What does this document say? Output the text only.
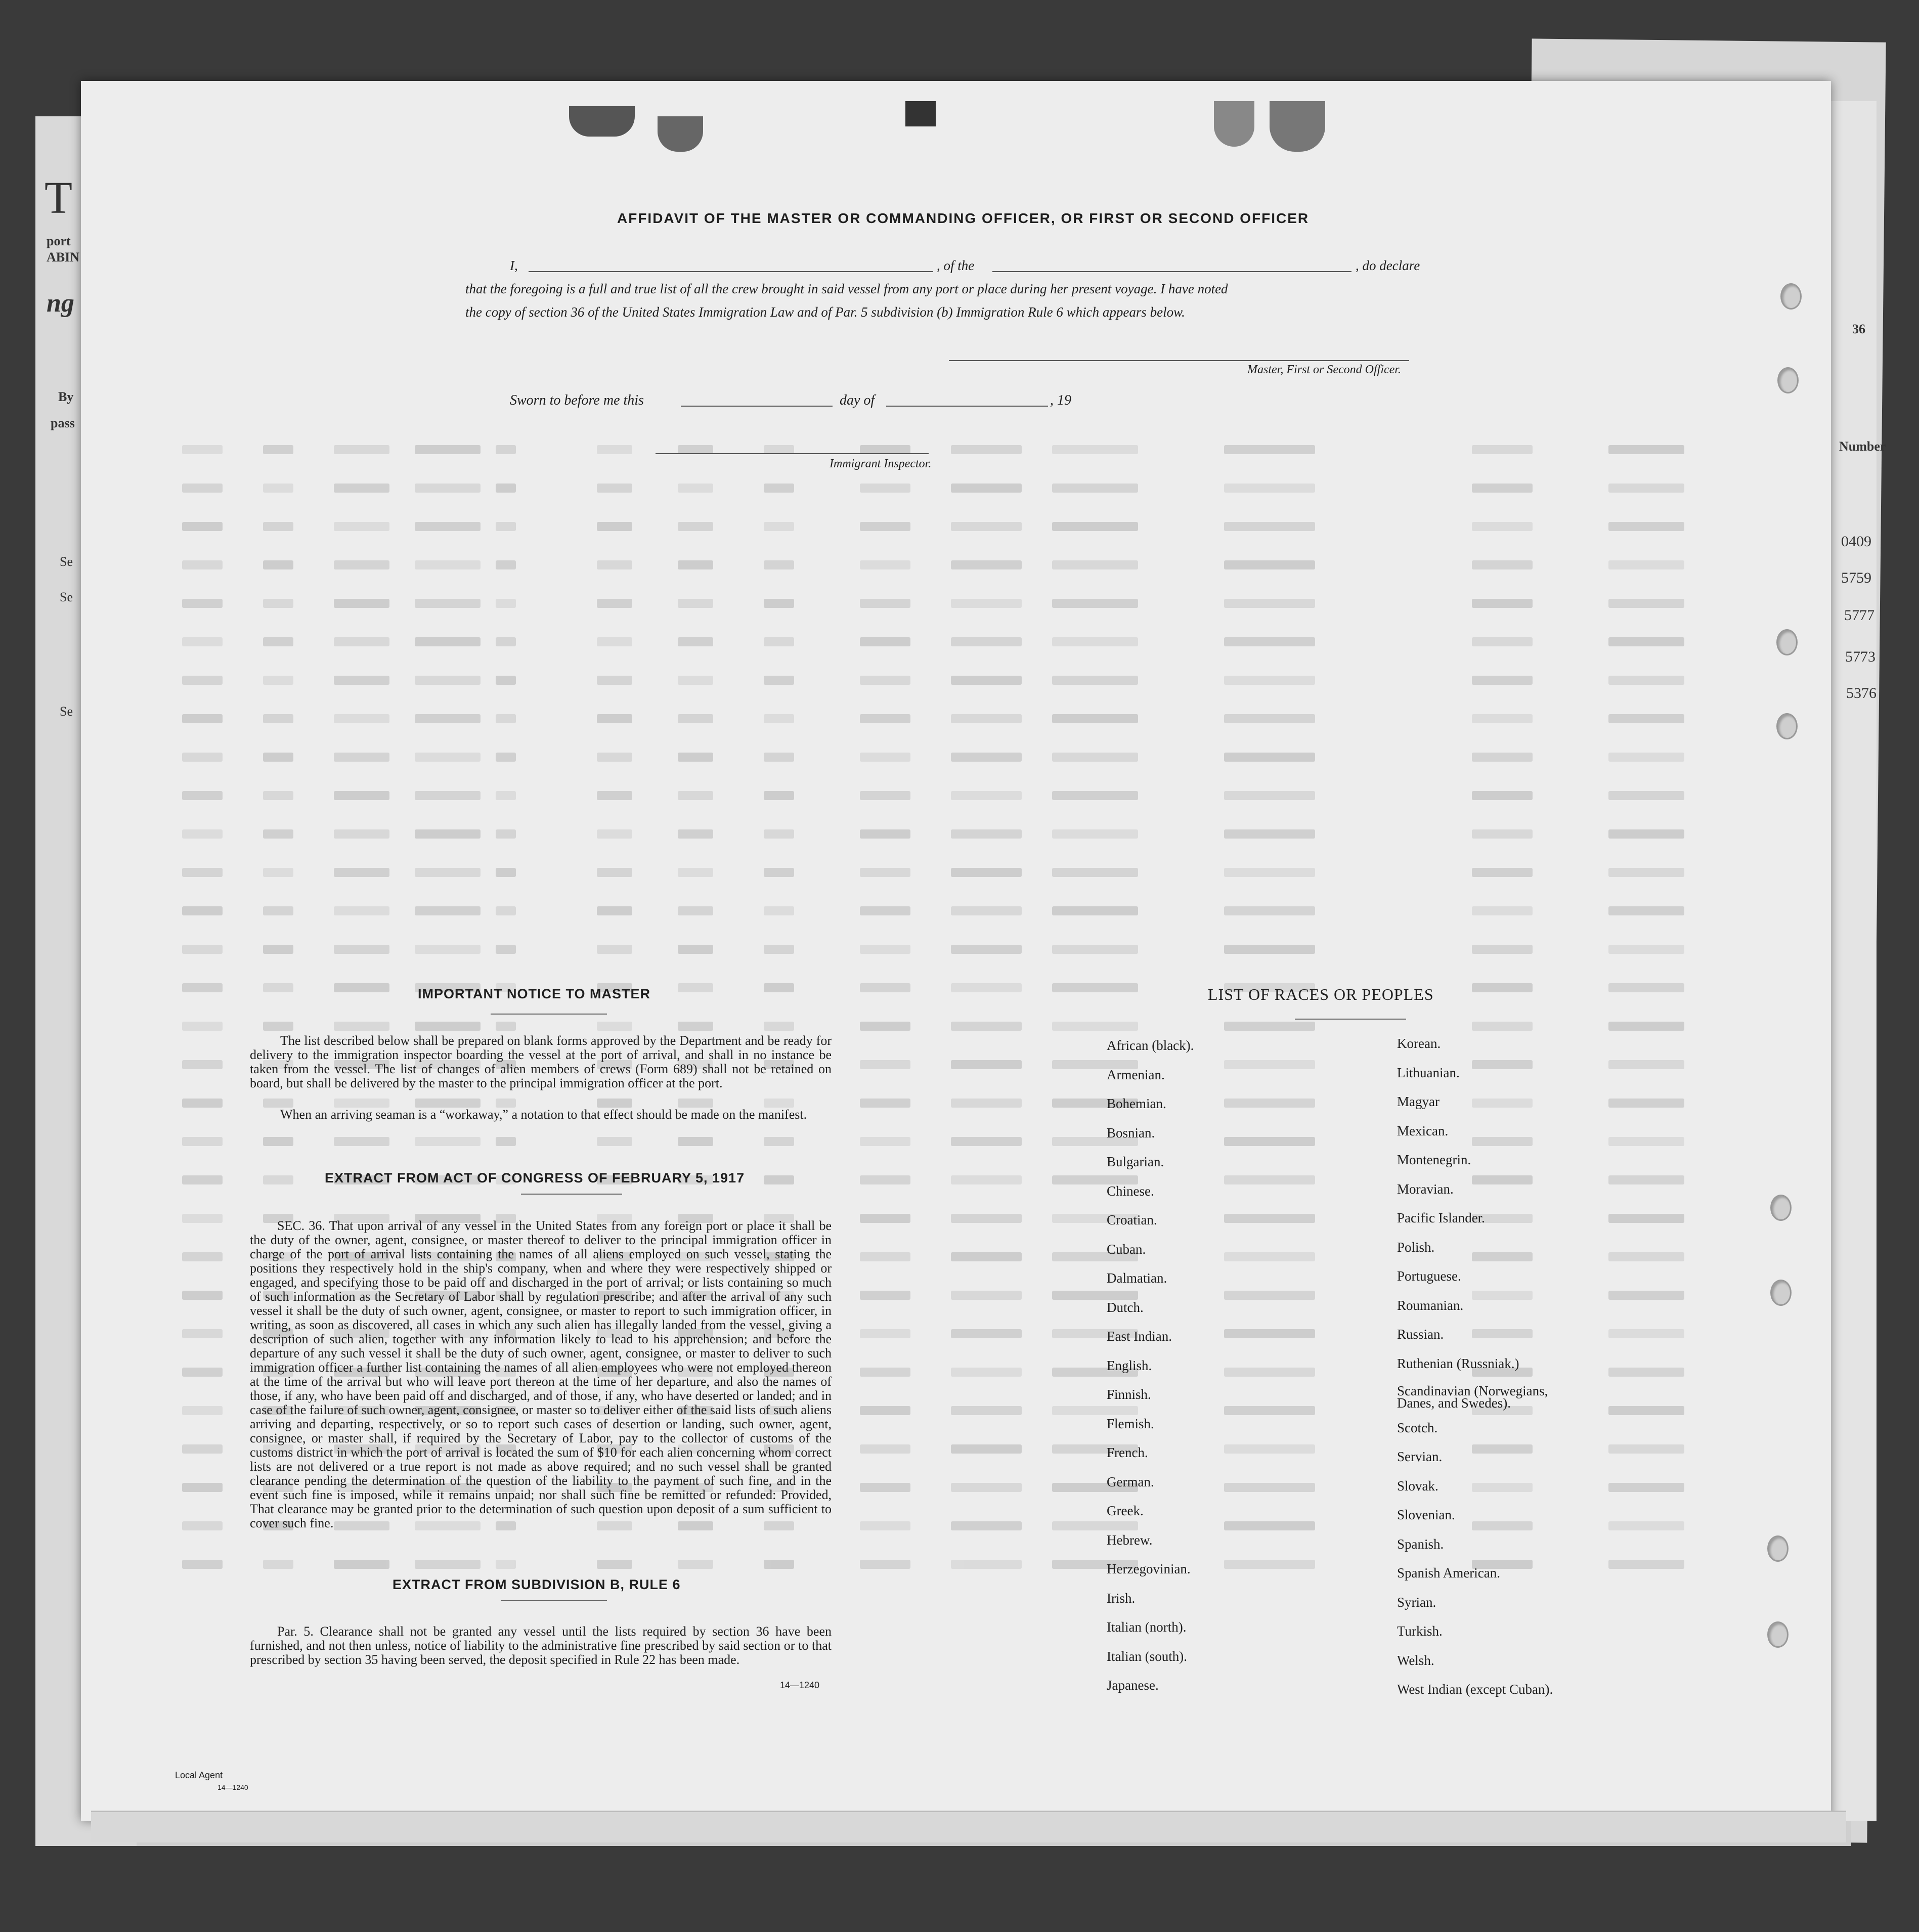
T
port
ABIN
ng
By
pass
Se
Se
Se
36
Number
0409
5759
5777
5773
5376
AFFIDAVIT OF THE MASTER OR COMMANDING OFFICER, OR FIRST OR SECOND OFFICER
I,	, of the	, do declare
that the foregoing is a full and true list of all the crew brought in said vessel from any port or place during her present voyage. I have noted
the copy of section 36 of the United States Immigration Law and of Par. 5 subdivision (b) Immigration Rule 6 which appears below.
Master, First or Second Officer.
Sworn to before me this	day of	, 19
Immigrant Inspector.
IMPORTANT NOTICE TO MASTER
The list described below shall be prepared on blank forms approved by the Department and be ready for delivery to the immigration inspector boarding the vessel at the port of arrival, and shall in no instance be taken from the vessel. The list of changes of alien members of crews (Form 689) shall not be retained on board, but shall be delivered by the master to the principal immigration officer at the port.
When an arriving seaman is a “workaway,” a notation to that effect should be made on the manifest.
EXTRACT FROM ACT OF CONGRESS OF FEBRUARY 5, 1917
SEC. 36. That upon arrival of any vessel in the United States from any foreign port or place it shall be the duty of the owner, agent, consignee, or master thereof to deliver to the principal immigration officer in charge of the port of arrival lists containing the names of all aliens employed on such vessel, stating the positions they respectively hold in the ship's company, when and where they were respectively shipped or engaged, and specifying those to be paid off and discharged in the port of arrival; or lists containing so much of such information as the Secretary of Labor shall by regulation prescribe; and after the arrival of any such vessel it shall be the duty of such owner, agent, consignee, or master to report to such immigration officer, in writing, as soon as discovered, all cases in which any such alien has illegally landed from the vessel, giving a description of such alien, together with any information likely to lead to his apprehension; and before the departure of any such vessel it shall be the duty of such owner, agent, consignee, or master to deliver to such immigration officer a further list containing the names of all alien employees who were not employed thereon at the time of the arrival but who will leave port thereon at the time of her departure, and also the names of those, if any, who have been paid off and discharged, and of those, if any, who have deserted or landed; and in case of the failure of such owner, agent, consignee, or master so to deliver either of the said lists of such aliens arriving and departing, respectively, or so to report such cases of desertion or landing, such owner, agent, consignee, or master shall, if required by the Secretary of Labor, pay to the collector of customs of the customs district in which the port of arrival is located the sum of $10 for each alien concerning whom correct lists are not delivered or a true report is not made as above required; and no such vessel shall be granted clearance pending the determination of the question of the liability to the payment of such fine, and in the event such fine is imposed, while it remains unpaid; nor shall such fine be remitted or refunded: Provided, That clearance may be granted prior to the determination of such question upon deposit of a sum sufficient to cover such fine.
EXTRACT FROM SUBDIVISION B, RULE 6
Par. 5. Clearance shall not be granted any vessel until the lists required by section 36 have been furnished, and not then unless, notice of liability to the administrative fine prescribed by said section or to that prescribed by section 35 having been served, the deposit specified in Rule 22 has been made.
14—1240
LIST OF RACES OR PEOPLES
African (black).
Armenian.
Bohemian.
Bosnian.
Bulgarian.
Chinese.
Croatian.
Cuban.
Dalmatian.
Dutch.
East Indian.
English.
Finnish.
Flemish.
French.
German.
Greek.
Hebrew.
Herzegovinian.
Irish.
Italian (north).
Italian (south).
Japanese.
Korean.
Lithuanian.
Magyar
Mexican.
Montenegrin.
Moravian.
Pacific Islander.
Polish.
Portuguese.
Roumanian.
Russian.
Ruthenian (Russniak.)
Scandinavian (Norwegians, Danes, and Swedes).
Scotch.
Servian.
Slovak.
Slovenian.
Spanish.
Spanish American.
Syrian.
Turkish.
Welsh.
West Indian (except Cuban).
Local Agent
14—1240
